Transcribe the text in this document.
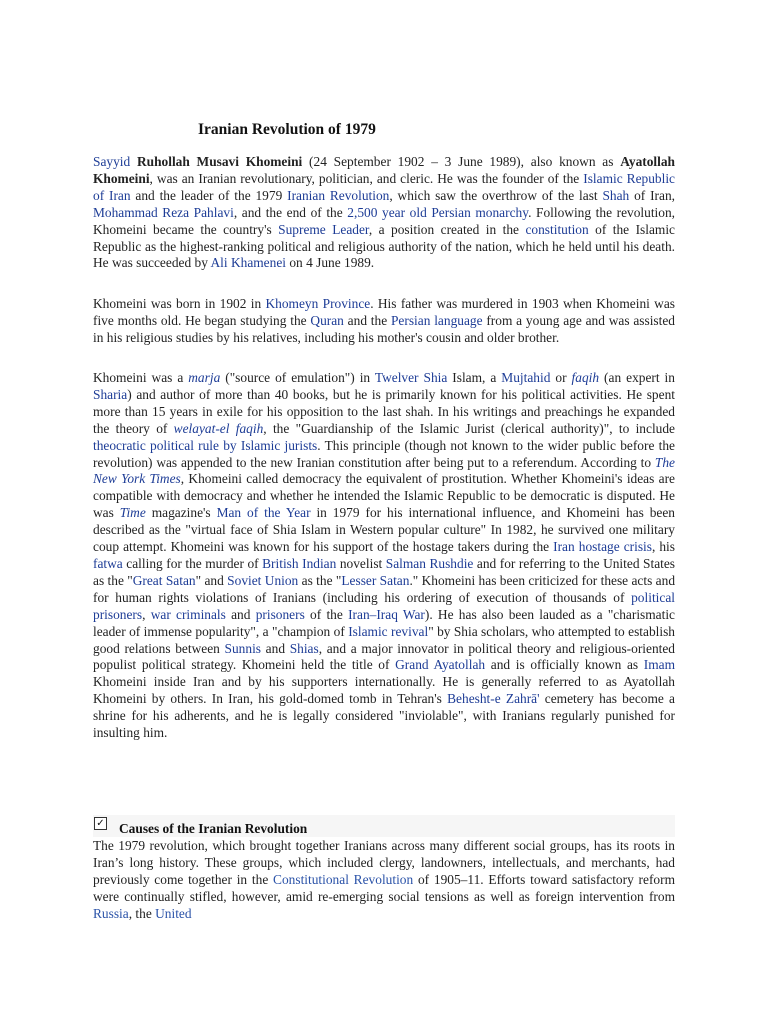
Iranian Revolution of 1979

Sayyid Ruhollah Musavi Khomeini (24 September 1902 – 3 June 1989), also known as Ayatollah Khomeini, was an Iranian revolutionary, politician, and cleric. He was the founder of the Islamic Republic of Iran and the leader of the 1979 Iranian Revolution, which saw the overthrow of the last Shah of Iran, Mohammad Reza Pahlavi, and the end of the 2,500 year old Persian monarchy. Following the revolution, Khomeini became the country's Supreme Leader, a position created in the constitution of the Islamic Republic as the highest-ranking political and religious authority of the nation, which he held until his death. He was succeeded by Ali Khamenei on 4 June 1989.

Khomeini was born in 1902 in Khomeyn Province. His father was murdered in 1903 when Khomeini was five months old. He began studying the Quran and the Persian language from a young age and was assisted in his religious studies by his relatives, including his mother's cousin and older brother.

Khomeini was a marja ("source of emulation") in Twelver Shia Islam, a Mujtahid or faqih (an expert in Sharia) and author of more than 40 books, but he is primarily known for his political activities. He spent more than 15 years in exile for his opposition to the last shah. In his writings and preachings he expanded the theory of welayat-el faqih, the "Guardianship of the Islamic Jurist (clerical authority)", to include theocratic political rule by Islamic jurists. This principle (though not known to the wider public before the revolution) was appended to the new Iranian constitution after being put to a referendum. According to The New York Times, Khomeini called democracy the equivalent of prostitution. Whether Khomeini's ideas are compatible with democracy and whether he intended the Islamic Republic to be democratic is disputed. He was Time magazine's Man of the Year in 1979 for his international influence, and Khomeini has been described as the "virtual face of Shia Islam in Western popular culture" In 1982, he survived one military coup attempt. Khomeini was known for his support of the hostage takers during the Iran hostage crisis, his fatwa calling for the murder of British Indian novelist Salman Rushdie and for referring to the United States as the "Great Satan" and Soviet Union as the "Lesser Satan." Khomeini has been criticized for these acts and for human rights violations of Iranians (including his ordering of execution of thousands of political prisoners, war criminals and prisoners of the Iran–Iraq War). He has also been lauded as a "charismatic leader of immense popularity", a "champion of Islamic revival" by Shia scholars, who attempted to establish good relations between Sunnis and Shias, and a major innovator in political theory and religious-oriented populist political strategy. Khomeini held the title of Grand Ayatollah and is officially known as Imam Khomeini inside Iran and by his supporters internationally. He is generally referred to as Ayatollah Khomeini by others. In Iran, his gold-domed tomb in Tehran's Behesht-e Zahrā' cemetery has become a shrine for his adherents, and he is legally considered "inviolable", with Iranians regularly punished for insulting him.

✓ Causes of the Iranian Revolution

The 1979 revolution, which brought together Iranians across many different social groups, has its roots in Iran’s long history. These groups, which included clergy, landowners, intellectuals, and merchants, had previously come together in the Constitutional Revolution of 1905–11. Efforts toward satisfactory reform were continually stifled, however, amid re-emerging social tensions as well as foreign intervention from Russia, the United
